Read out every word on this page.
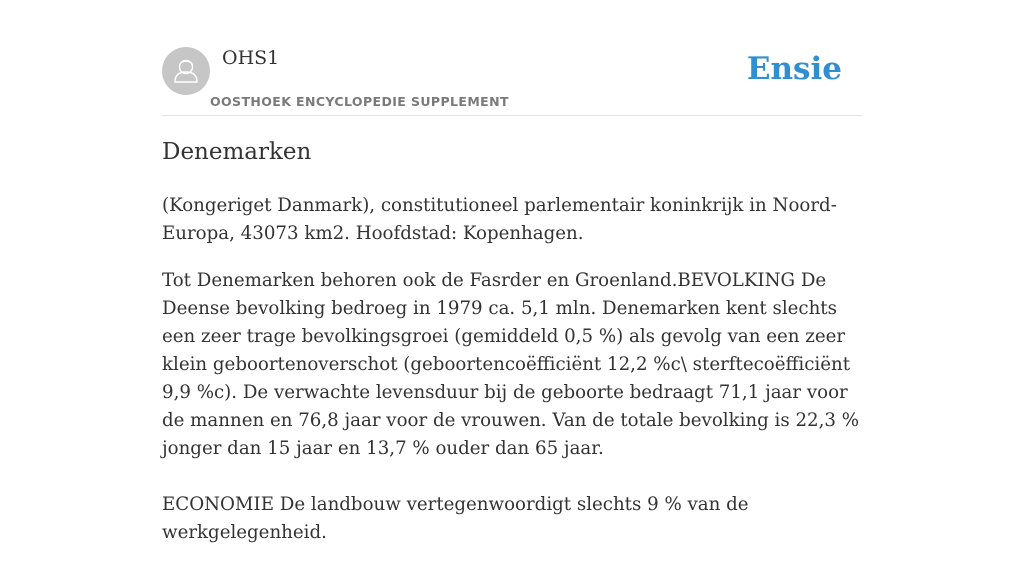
OHS1
OOSTHOEK ENCYCLOPEDIE SUPPLEMENT
Ensie
Denemarken

(Kongeriget Danmark), constitutioneel parlementair koninkrijk in Noord-Europa, 43073 km2. Hoofdstad: Kopenhagen.

Tot Denemarken behoren ook de Fasrder en Groenland.BEVOLKING De Deense bevolking bedroeg in 1979 ca. 5,1 mln. Denemarken kent slechts een zeer trage bevolkingsgroei (gemiddeld 0,5 %) als gevolg van een zeer klein geboortenoverschot (geboortencoëfficiënt 12,2 %c\ sterftecoëfficiënt 9,9 %c). De verwachte levensduur bij de geboorte bedraagt 71,1 jaar voor de mannen en 76,8 jaar voor de vrouwen. Van de totale bevolking is 22,3 % jonger dan 15 jaar en 13,7 % ouder dan 65 jaar.

ECONOMIE De landbouw vertegenwoordigt slechts 9 % van de werkgelegenheid.
